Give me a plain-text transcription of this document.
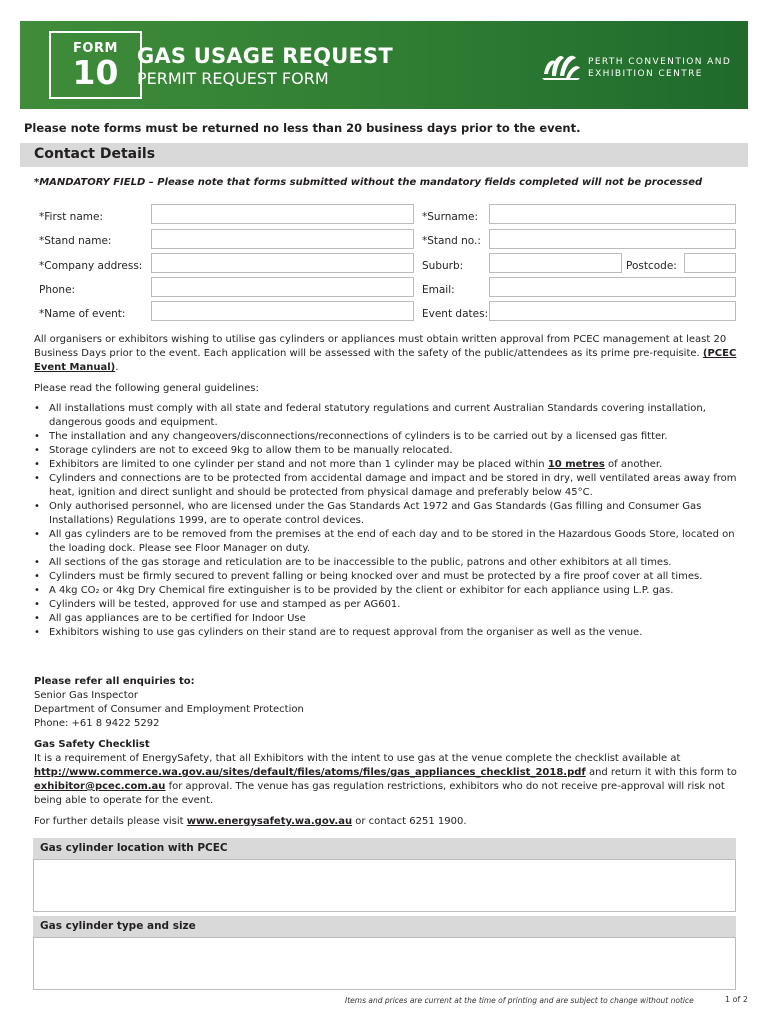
FORM
10 GAS USAGE REQUEST
PERMIT REQUEST FORM
PERTH CONVENTION AND
EXHIBITION CENTRE
Please note forms must be returned no less than 20 business days prior to the event.
Contact Details
*MANDATORY FIELD – Please note that forms submitted without the mandatory fields completed will not be processed
*First name:	*Surname:
*Stand name:	*Stand no.:
*Company address:	Suburb:	Postcode:
Phone:	Email:
*Name of event:	Event dates:
All organisers or exhibitors wishing to utilise gas cylinders or appliances must obtain written approval from PCEC management at least 20 Business Days prior to the event. Each application will be assessed with the safety of the public/attendees as its prime pre-requisite. (PCEC Event Manual).
Please read the following general guidelines:
• All installations must comply with all state and federal statutory regulations and current Australian Standards covering installation, dangerous goods and equipment.
• The installation and any changeovers/disconnections/reconnections of cylinders is to be carried out by a licensed gas fitter.
• Storage cylinders are not to exceed 9kg to allow them to be manually relocated.
• Exhibitors are limited to one cylinder per stand and not more than 1 cylinder may be placed within 10 metres of another.
• Cylinders and connections are to be protected from accidental damage and impact and be stored in dry, well ventilated areas away from heat, ignition and direct sunlight and should be protected from physical damage and preferably below 45°C.
• Only authorised personnel, who are licensed under the Gas Standards Act 1972 and Gas Standards (Gas filling and Consumer Gas Installations) Regulations 1999, are to operate control devices.
• All gas cylinders are to be removed from the premises at the end of each day and to be stored in the Hazardous Goods Store, located on the loading dock. Please see Floor Manager on duty.
• All sections of the gas storage and reticulation are to be inaccessible to the public, patrons and other exhibitors at all times.
• Cylinders must be firmly secured to prevent falling or being knocked over and must be protected by a fire proof cover at all times.
• A 4kg CO₂ or 4kg Dry Chemical fire extinguisher is to be provided by the client or exhibitor for each appliance using L.P. gas.
• Cylinders will be tested, approved for use and stamped as per AG601.
• All gas appliances are to be certified for Indoor Use
• Exhibitors wishing to use gas cylinders on their stand are to request approval from the organiser as well as the venue.
Please refer all enquiries to:
Senior Gas Inspector
Department of Consumer and Employment Protection
Phone: +61 8 9422 5292
Gas Safety Checklist
It is a requirement of EnergySafety, that all Exhibitors with the intent to use gas at the venue complete the checklist available at http://www.commerce.wa.gov.au/sites/default/files/atoms/files/gas_appliances_checklist_2018.pdf and return it with this form to exhibitor@pcec.com.au for approval. The venue has gas regulation restrictions, exhibitors who do not receive pre-approval will risk not being able to operate for the event.
For further details please visit www.energysafety.wa.gov.au or contact 6251 1900.
Gas cylinder location with PCEC
Gas cylinder type and size
Items and prices are current at the time of printing and are subject to change without notice	1 of 2
